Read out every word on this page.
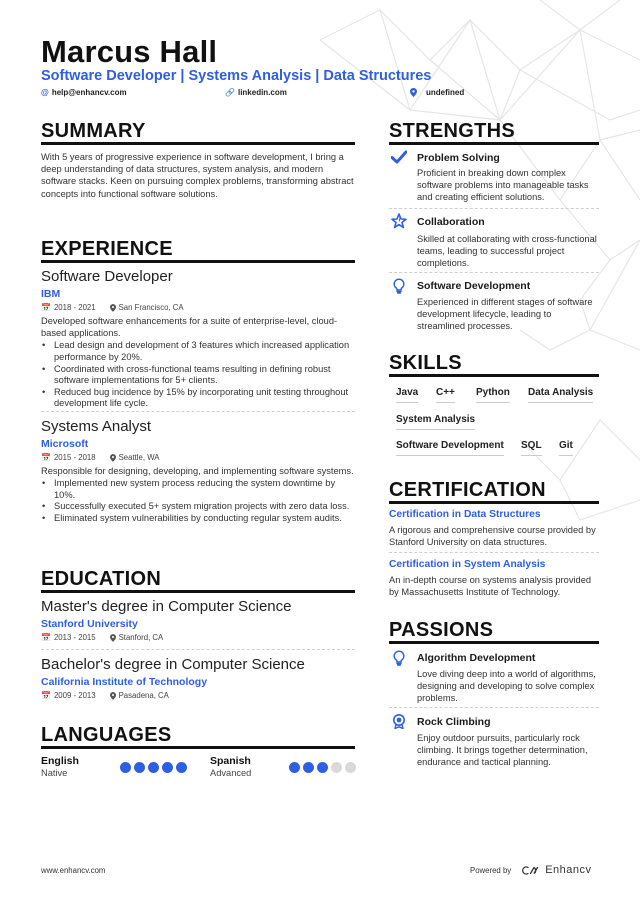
Marcus Hall
Software Developer | Systems Analysis | Data Structures
@ help@enhancv.com	🔗 linkedin.com	undefined
SUMMARY
With 5 years of progressive experience in software development, I bring a deep understanding of data structures, system analysis, and modern software stacks. Keen on pursuing complex problems, transforming abstract concepts into functional software solutions.
EXPERIENCE
Software Developer
IBM
📅 2018 - 2021	San Francisco, CA
Developed software enhancements for a suite of enterprise-level, cloud-based applications.
• Lead design and development of 3 features which increased application performance by 20%.
• Coordinated with cross-functional teams resulting in defining robust software implementations for 5+ clients.
• Reduced bug incidence by 15% by incorporating unit testing throughout development life cycle.
Systems Analyst
Microsoft
📅 2015 - 2018	Seattle, WA
Responsible for designing, developing, and implementing software systems.
• Implemented new system process reducing the system downtime by 10%.
• Successfully executed 5+ system migration projects with zero data loss.
• Eliminated system vulnerabilities by conducting regular system audits.
EDUCATION
Master's degree in Computer Science
Stanford University
📅 2013 - 2015	Stanford, CA
Bachelor's degree in Computer Science
California Institute of Technology
📅 2009 - 2013	Pasadena, CA
LANGUAGES
English
Native
Spanish
Advanced
STRENGTHS
Problem Solving
Proficient in breaking down complex software problems into manageable tasks and creating efficient solutions.
Collaboration
Skilled at collaborating with cross-functional teams, leading to successful project completions.
Software Development
Experienced in different stages of software development lifecycle, leading to streamlined processes.
SKILLS
Java C++ Python Data Analysis
System Analysis
Software Development SQL Git
CERTIFICATION
Certification in Data Structures
A rigorous and comprehensive course provided by Stanford University on data structures.
Certification in System Analysis
An in-depth course on systems analysis provided by Massachusetts Institute of Technology.
PASSIONS
Algorithm Development
Love diving deep into a world of algorithms, designing and developing to solve complex problems.
Rock Climbing
Enjoy outdoor pursuits, particularly rock climbing. It brings together determination, endurance and tactical planning.
www.enhancv.com	Powered by	Enhancv
